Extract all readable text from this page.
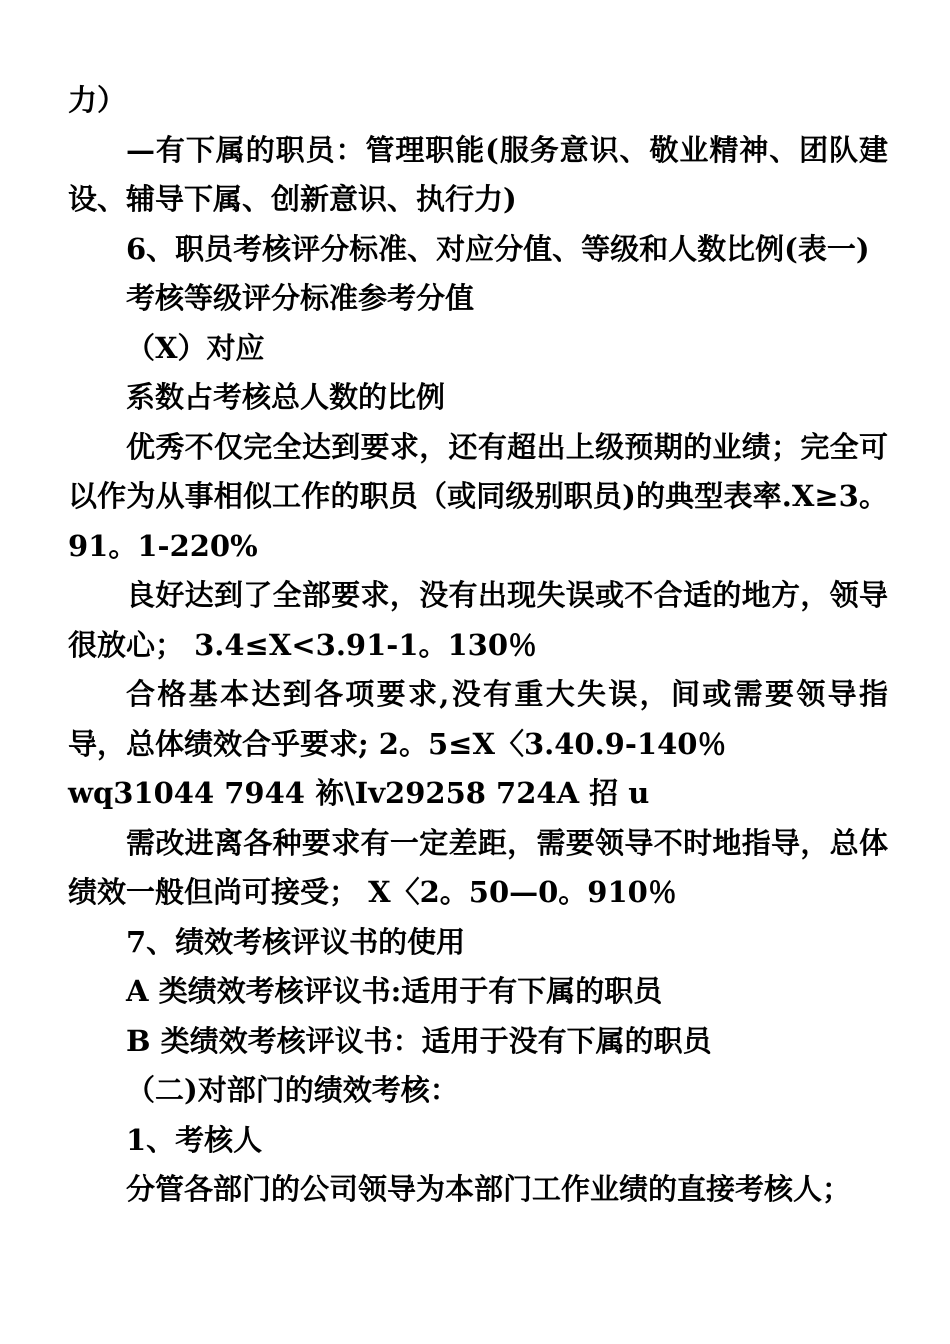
力）

—有下属的职员：管理职能(服务意识、敬业精神、团队建设、辅导下属、创新意识、执行力)

6、职员考核评分标准、对应分值、等级和人数比例(表一)

考核等级评分标准参考分值

（X）对应

系数占考核总人数的比例

优秀不仅完全达到要求，还有超出上级预期的业绩；完全可以作为从事相似工作的职员（或同级别职员)的典型表率.X≥3。91。1-220%

良好达到了全部要求，没有出现失误或不合适的地方，领导很放心； 3.4≤X<3.91-1。130％

合格基本达到各项要求,没有重大失误，间或需要领导指导，总体绩效合乎要求; 2。5≤X〈3.40.9-140％

wq31044 7944 袮\Iv29258 724A 招 u

需改进离各种要求有一定差距，需要领导不时地指导，总体绩效一般但尚可接受； X〈2。50—0。910％

7、绩效考核评议书的使用

A 类绩效考核评议书:适用于有下属的职员

B 类绩效考核评议书：适用于没有下属的职员

（二)对部门的绩效考核：

1、考核人

分管各部门的公司领导为本部门工作业绩的直接考核人；
